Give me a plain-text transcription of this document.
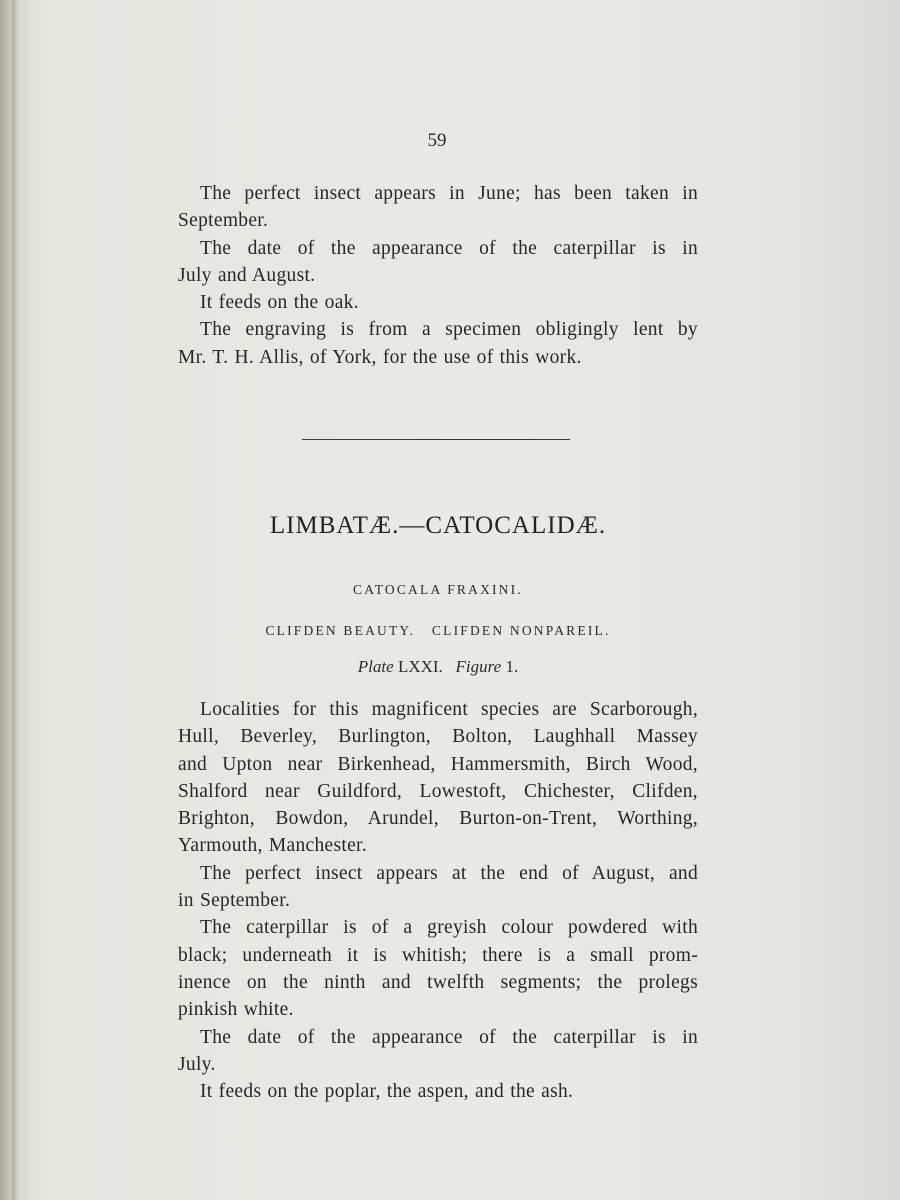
59
The perfect insect appears in June; has been taken in
September.
The date of the appearance of the caterpillar is in
July and August.
It feeds on the oak.
The engraving is from a specimen obligingly lent by
Mr. T. H. Allis, of York, for the use of this work.
LIMBATÆ.—CATOCALIDÆ.
CATOCALA FRAXINI.
CLIFDEN BEAUTY.   CLIFDEN NONPAREIL.
Plate LXXI. Figure 1.
Localities for this magnificent species are Scarborough,
Hull, Beverley, Burlington, Bolton, Laughhall Massey
and Upton near Birkenhead, Hammersmith, Birch Wood,
Shalford near Guildford, Lowestoft, Chichester, Clifden,
Brighton, Bowdon, Arundel, Burton-on-Trent, Worthing,
Yarmouth, Manchester.
The perfect insect appears at the end of August, and
in September.
The caterpillar is of a greyish colour powdered with
black; underneath it is whitish; there is a small prom-
inence on the ninth and twelfth segments; the prolegs
pinkish white.
The date of the appearance of the caterpillar is in
July.
It feeds on the poplar, the aspen, and the ash.
